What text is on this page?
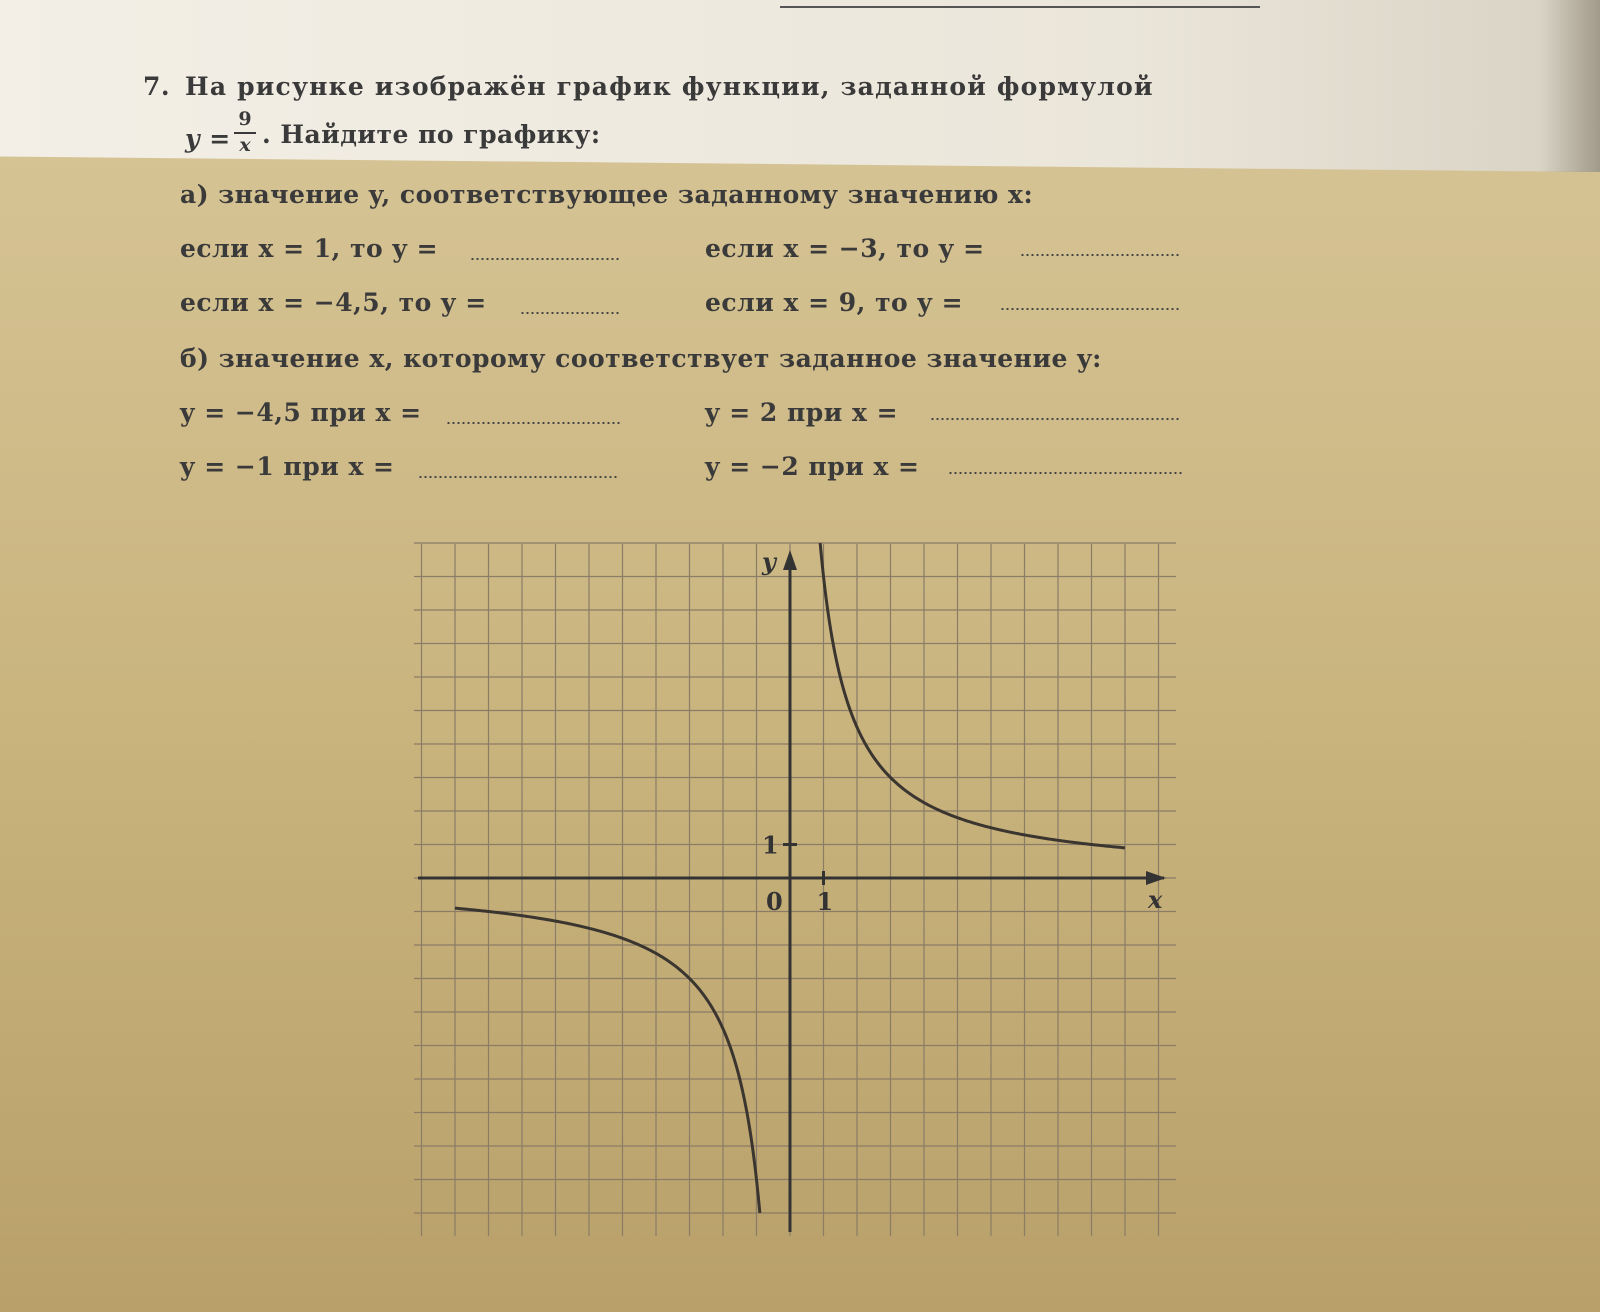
7. На рисунке изображён график функции, заданной формулой
y =
9
x . Найдите по графику:
а) значение y, соответствующее заданному значению x:
если x = 1, то y =	если x = −3, то y =
если x = −4,5, то y =	если x = 9, то y =
б) значение x, которому соответствует заданное значение y:
y = −4,5 при x =	y = 2 при x =
y = −1 при x =	y = −2 при x =
y
x
0 1
1
